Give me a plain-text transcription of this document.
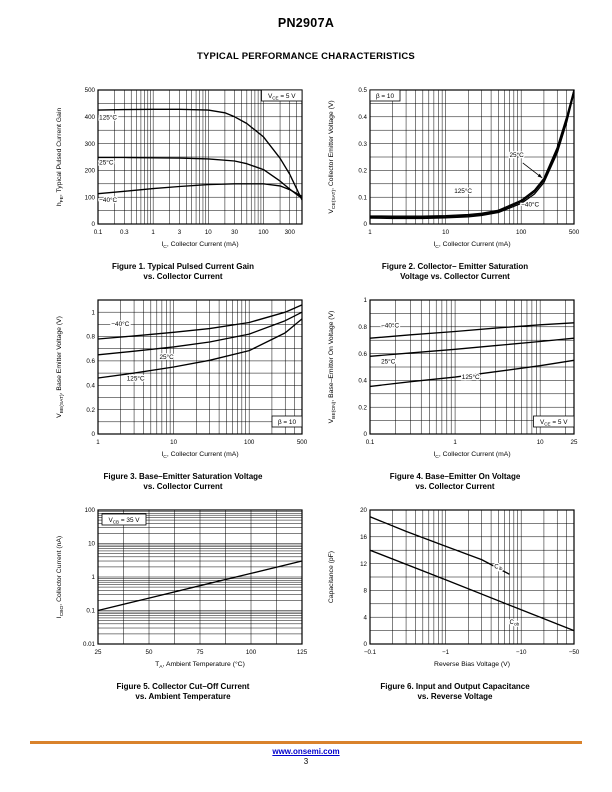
PN2907A
TYPICAL PERFORMANCE CHARACTERISTICS
0.1	0.3	1	3	10	30	100	300
0
100
200
300
400
500
$I_C$, Collector Current (mA)
$h_{FE}$, Typical Pulsed Current Gain
$V_{CE} = 5$ V
125°C
25°C
−40°C
Figure 1. Typical Pulsed Current Gain
vs. Collector Current
1	10	100	500
0
0.1
0.2
0.3
0.4
0.5
$I_C$, Collector Current (mA)
$V_{CE(SAT)}$, Collector Emitter Voltage (V)
β = 10
−40°C
25°C
125°C
Figure 2. Collector– Emitter Saturation
Voltage vs. Collector Current
1	10	100	500
0
0.2
0.4
0.6
0.8
1
$I_C$, Collector Current (mA)
$V_{BE(SAT)}$, Base Emitter Voltage (V)
β = 10
−40°C
25°C
125°C
Figure 3. Base–Emitter Saturation Voltage
vs. Collector Current
0.1	1	10	25
0
0.2
0.4
0.6
0.8
1
$I_C$, Collector Current (mA)
$V_{BE(ON)}$, Base–Emitter On Voltage (V)
$V_{CE} = 5$ V
−40°C
25°C
125°C
Figure 4. Base–Emitter On Voltage
vs. Collector Current
25	50	75	100	125
0.01
0.1
1
10
100
$T_A$, Ambient Temperature (°C)
$I_{CBO}$, Collector Current (nA)
$V_{CB} = 35$ V
Figure 5. Collector Cut–Off Current
vs. Ambient Temperature
−0.1	−1	−10	−50
0
4
8
12
16
20
Reverse Bias Voltage (V)
Capacitance (pF)	$C_{ib}$
$C_{ob}$
Figure 6. Input and Output Capacitance
vs. Reverse Voltage
www.onsemi.com
3
